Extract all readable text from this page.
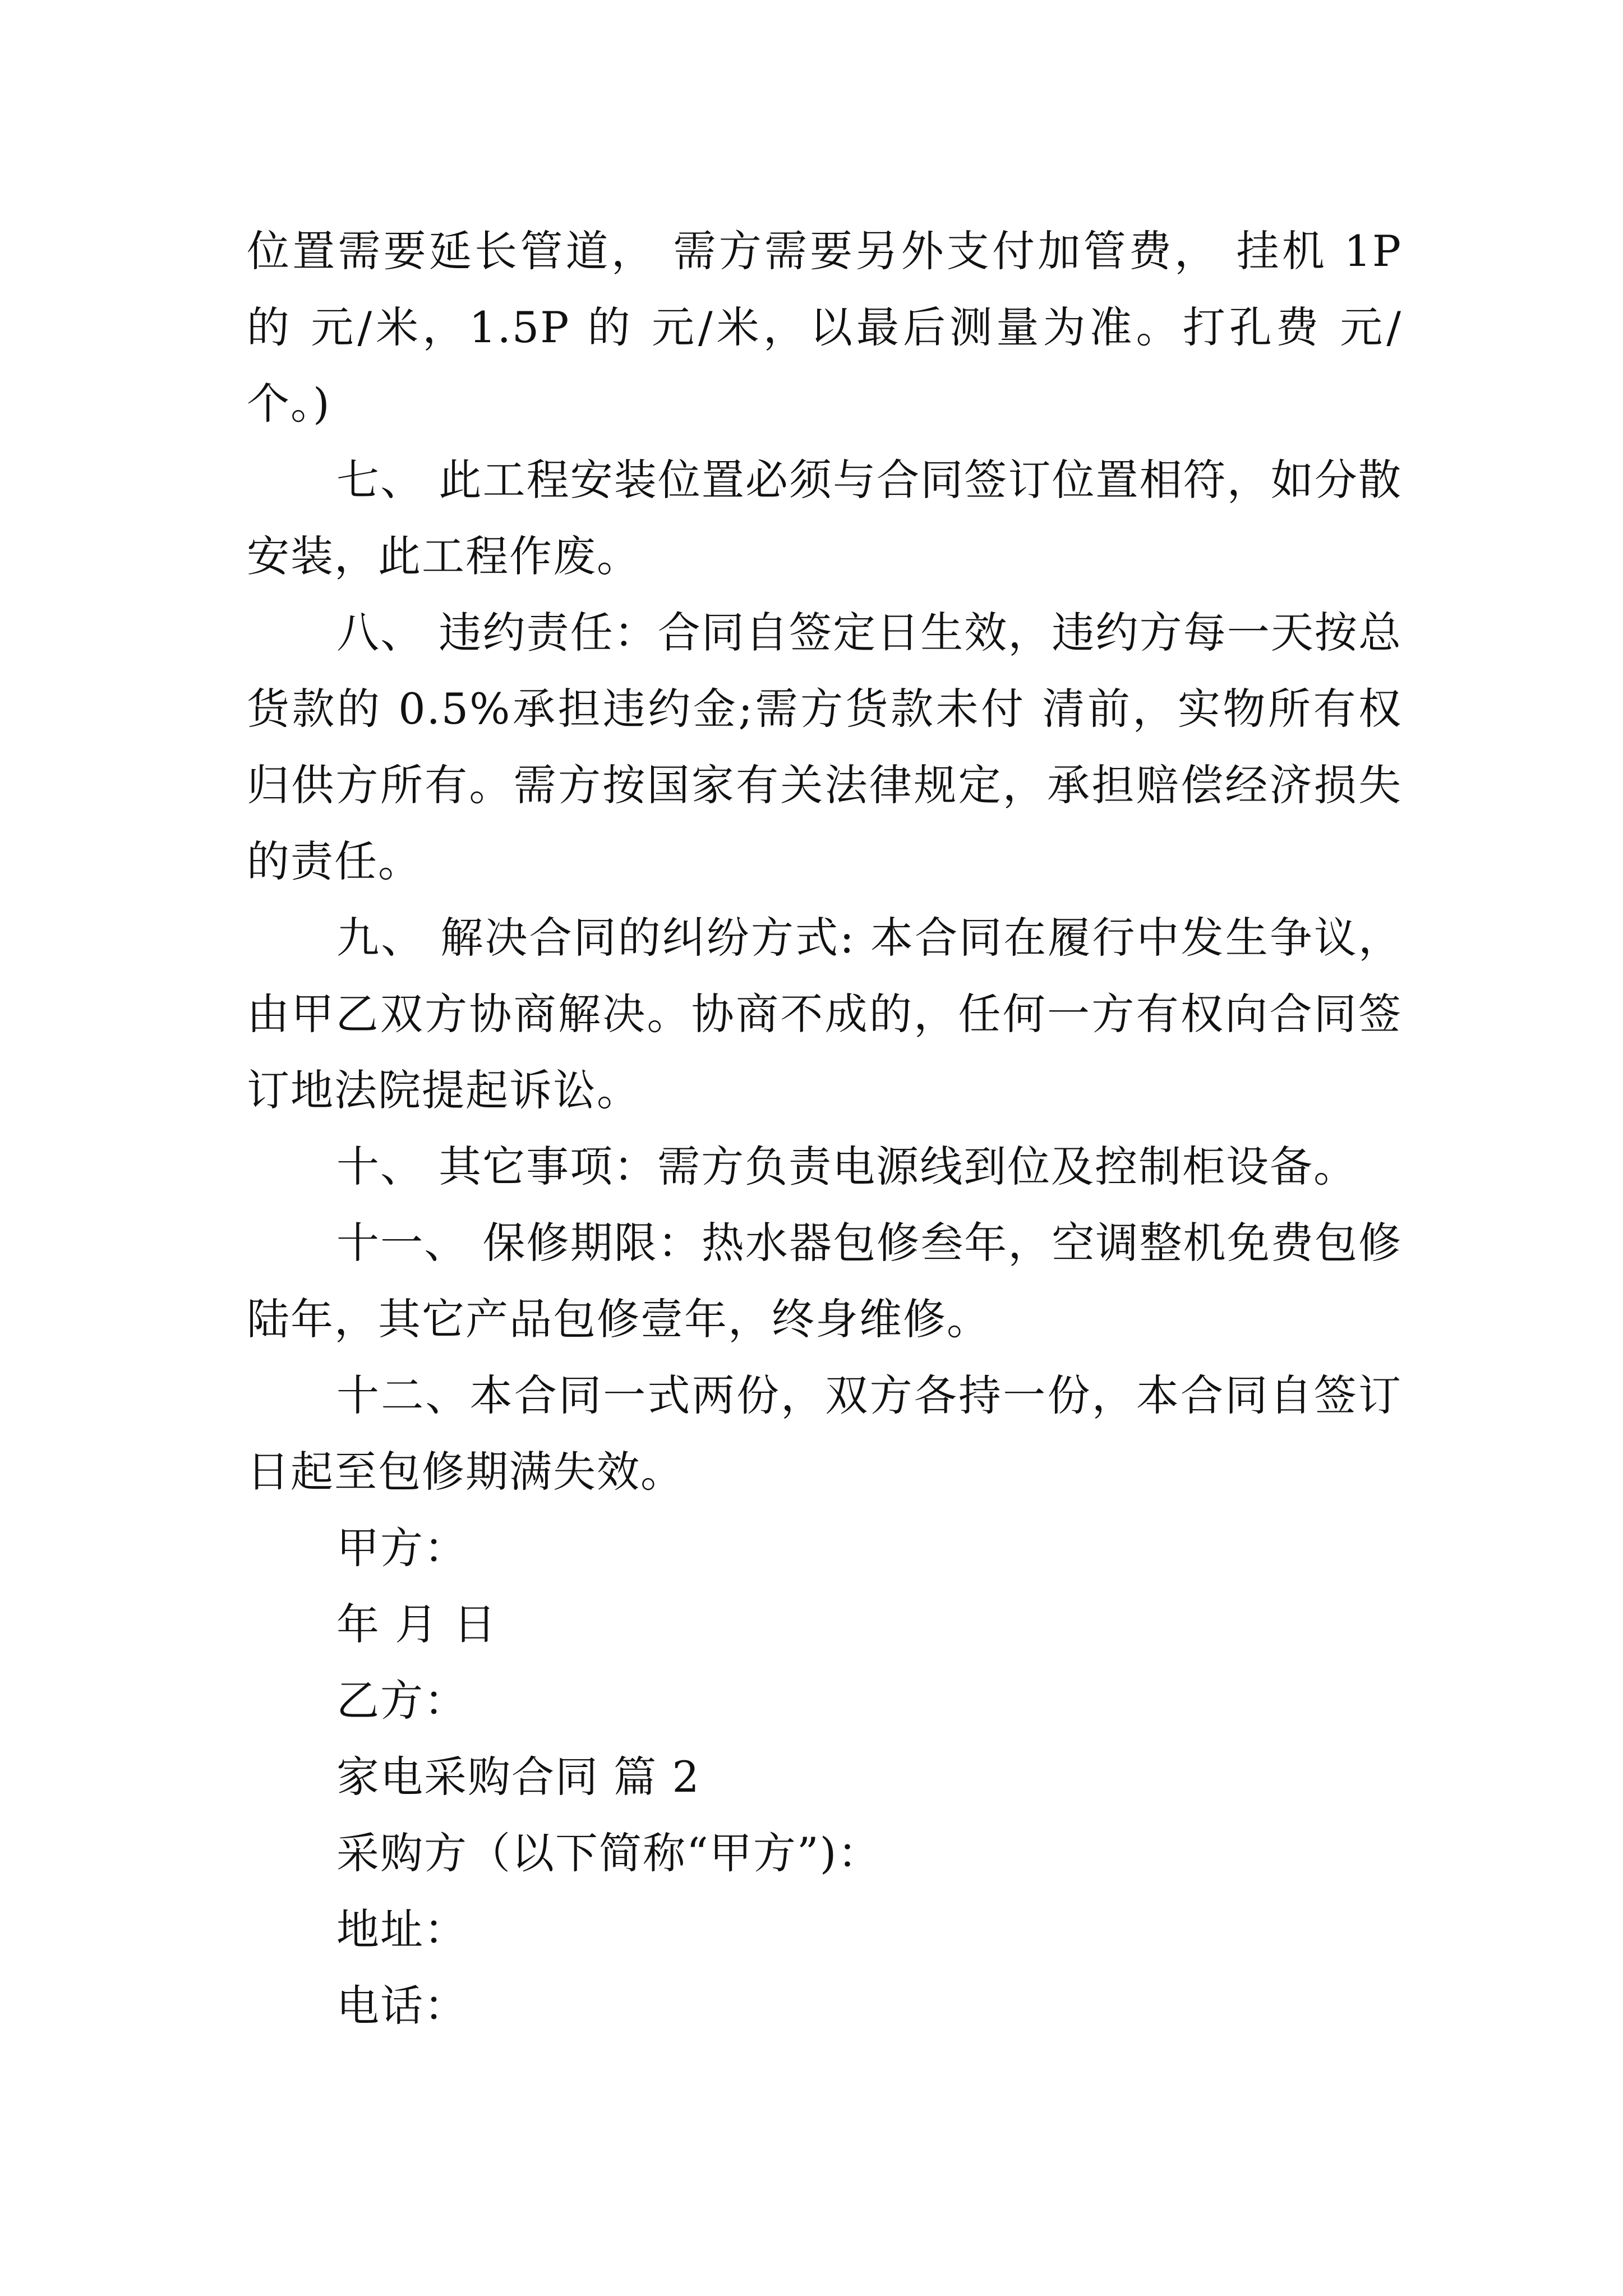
位置需要延长管道， 需方需要另外支付加管费， 挂机 1P 的 元/米，1.5P 的 元/米，以最后测量为准。打孔费 元/个。)

七、 此工程安装位置必须与合同签订位置相符，如分散安装，此工程作废。

八、 违约责任：合同自签定日生效，违约方每一天按总货款的 0.5%承担违约金;需方货款未付 清前，实物所有权归供方所有。需方按国家有关法律规定，承担赔偿经济损失的责任。

九、 解决合同的纠纷方式: 本合同在履行中发生争议，由甲乙双方协商解决。协商不成的，任何一方有权向合同签订地法院提起诉讼。

十、 其它事项：需方负责电源线到位及控制柜设备。

十一、 保修期限：热水器包修叁年，空调整机免费包修陆年，其它产品包修壹年，终身维修。

十二、本合同一式两份，双方各持一份，本合同自签订日起至包修期满失效。

甲方：

年 月 日

乙方：

家电采购合同 篇 2

采购方（以下简称“甲方”)：

地址：

电话：
